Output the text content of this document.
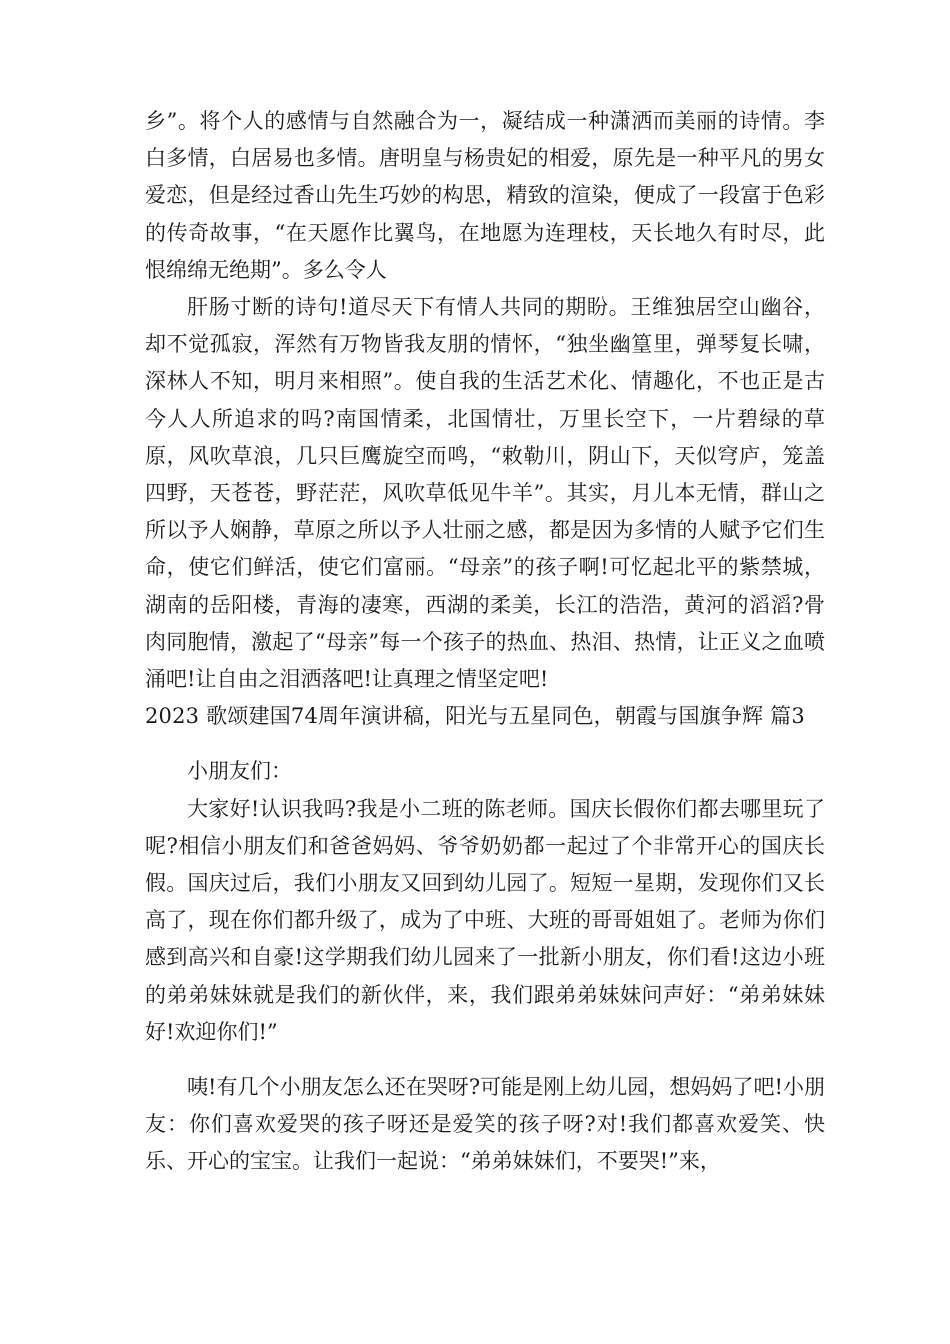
乡”。将个人的感情与自然融合为一，凝结成一种潇洒而美丽的诗情。李白多情，白居易也多情。唐明皇与杨贵妃的相爱，原先是一种平凡的男女爱恋，但是经过香山先生巧妙的构思，精致的渲染，便成了一段富于色彩的传奇故事，“在天愿作比翼鸟，在地愿为连理枝，天长地久有时尽，此恨绵绵无绝期”。多么令人

肝肠寸断的诗句!道尽天下有情人共同的期盼。王维独居空山幽谷，却不觉孤寂，浑然有万物皆我友朋的情怀，“独坐幽篁里，弹琴复长啸，深林人不知，明月来相照”。使自我的生活艺术化、情趣化，不也正是古今人人所追求的吗?南国情柔，北国情壮，万里长空下，一片碧绿的草原，风吹草浪，几只巨鹰旋空而鸣，“敕勒川，阴山下，天似穹庐，笼盖四野，天苍苍，野茫茫，风吹草低见牛羊”。其实，月儿本无情，群山之所以予人娴静，草原之所以予人壮丽之感，都是因为多情的人赋予它们生命，使它们鲜活，使它们富丽。“母亲”的孩子啊!可忆起北平的紫禁城，湖南的岳阳楼，青海的凄寒，西湖的柔美，长江的浩浩，黄河的滔滔?骨肉同胞情，激起了“母亲”每一个孩子的热血、热泪、热情，让正义之血喷涌吧!让自由之泪洒落吧!让真理之情坚定吧!

2023 歌颂建国74周年演讲稿，阳光与五星同色，朝霞与国旗争辉 篇3

小朋友们：

大家好!认识我吗?我是小二班的陈老师。国庆长假你们都去哪里玩了呢?相信小朋友们和爸爸妈妈、爷爷奶奶都一起过了个非常开心的国庆长假。国庆过后，我们小朋友又回到幼儿园了。短短一星期，发现你们又长高了，现在你们都升级了，成为了中班、大班的哥哥姐姐了。老师为你们感到高兴和自豪!这学期我们幼儿园来了一批新小朋友，你们看!这边小班的弟弟妹妹就是我们的新伙伴，来，我们跟弟弟妹妹问声好：“弟弟妹妹好!欢迎你们!”

咦!有几个小朋友怎么还在哭呀?可能是刚上幼儿园，想妈妈了吧!小朋友：你们喜欢爱哭的孩子呀还是爱笑的孩子呀?对!我们都喜欢爱笑、快乐、开心的宝宝。让我们一起说：“弟弟妹妹们，不要哭!”来，
